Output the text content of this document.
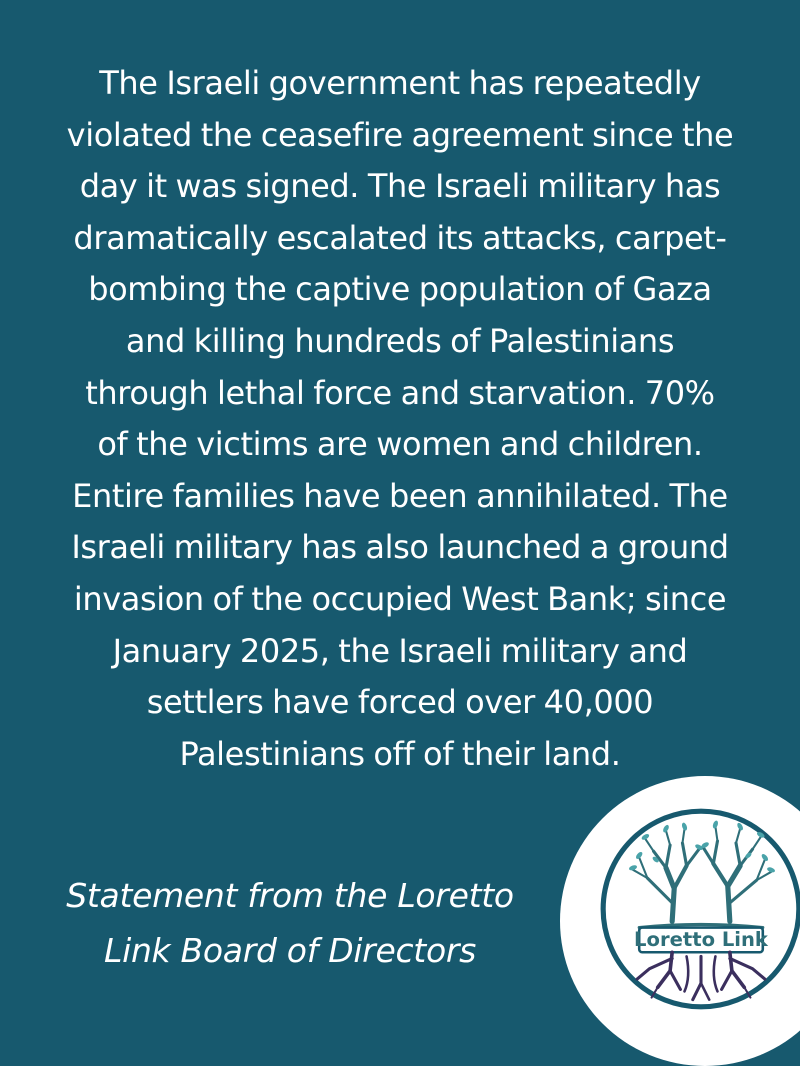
The Israeli government has repeatedly
violated the ceasefire agreement since the
day it was signed. The Israeli military has
dramatically escalated its attacks, carpet-
bombing the captive population of Gaza
and killing hundreds of Palestinians
through lethal force and starvation. 70%
of the victims are women and children.
Entire families have been annihilated. The
Israeli military has also launched a ground
invasion of the occupied West Bank; since
January 2025, the Israeli military and
settlers have forced over 40,000
Palestinians off of their land.

Statement from the Loretto
Link Board of Directors	Loretto Link
